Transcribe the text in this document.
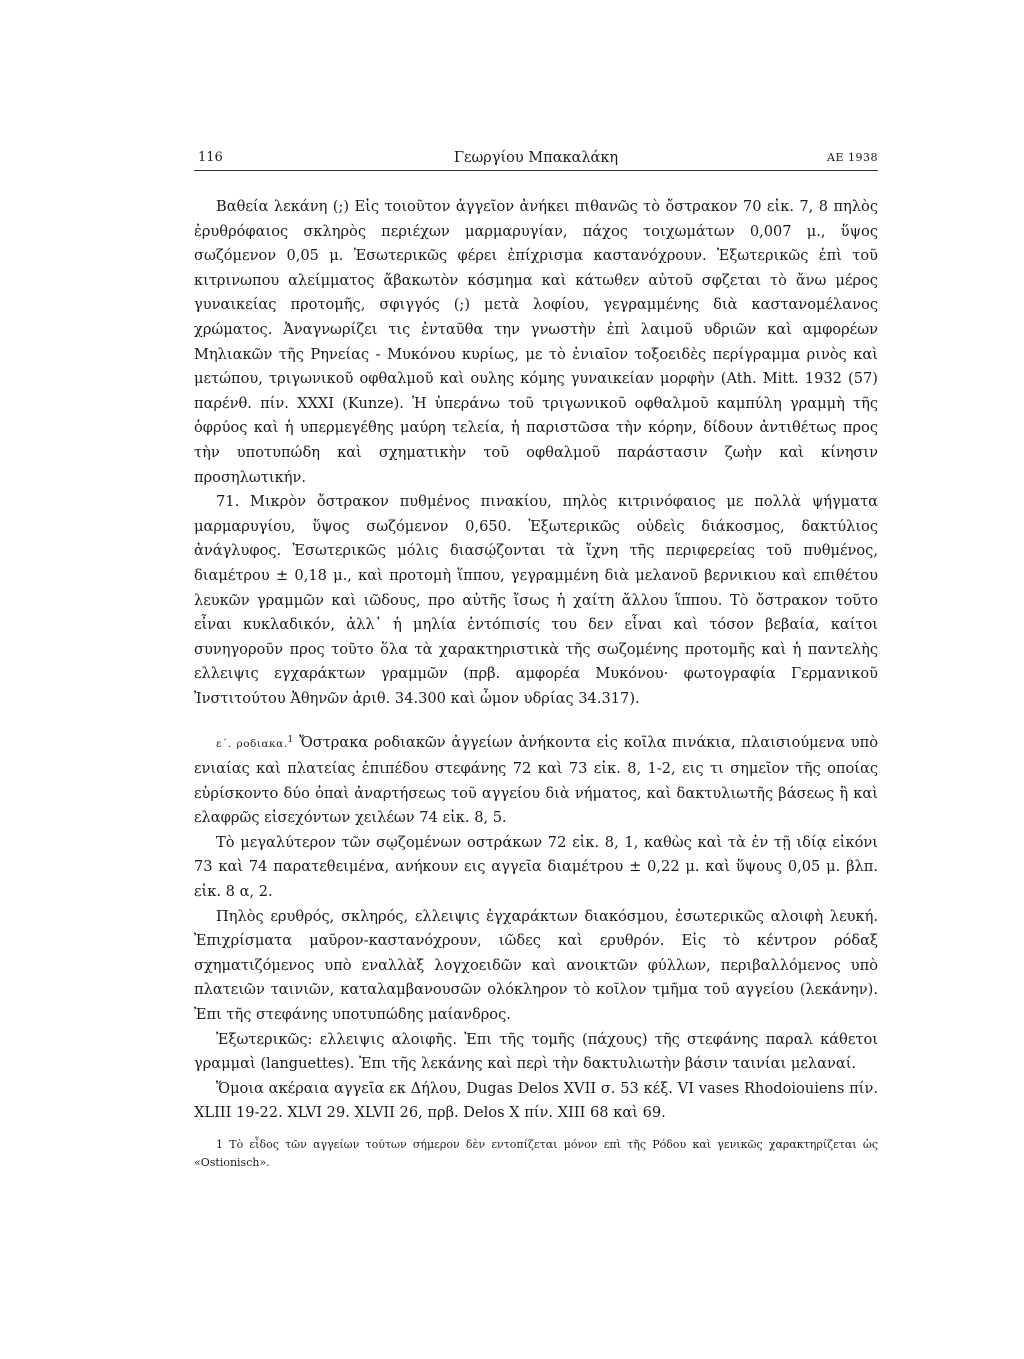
116	Γεωργίου Μπακαλάκη	ΑΕ 1938

Βαθεία λεκάνη (;) Εἰς τοιοῦτον ἀγγεῖον ἀνήκει πιθανῶς τὸ ὄστρακον 70 εἰκ. 7, 8 πηλὸς ἐρυθρόφαιος σκληρὸς περιέχων μαρμαρυγίαν, πάχος τοιχωμάτων 0,007 μ., ὕψος σωζόμενον 0,05 μ. Ἐσωτερικῶς φέρει ἐπίχρισμα καστανόχρουν. Ἐξωτερικῶς ἐπὶ τοῦ κιτρινωπου αλείμματος ἄβακωτὸν κόσμημα καὶ κάτωθεν αὐτοῦ σφζεται τὸ ἄνω μέρος γυναικείας προτομῆς, σφιγγός (;) μετὰ λοφίου, γεγραμμένης διὰ καστανομέλανος χρώματος. Ἀναγνωρίζει τις ἐνταῦθα την γνωστὴν ἐπὶ λαιμοῦ υδριῶν καὶ αμφορέων Μηλιακῶν τῆς Ρηνείας - Μυκόνου κυρίως, με τὸ ἐνιαῖον τοξοειδὲς περίγραμμα ρινὸς καὶ μετώπου, τριγωνικοῦ οφθαλμοῦ καὶ ουλης κόμης γυναικείαν μορφὴν (Ath. Mitt. 1932 (57) παρένθ. πίν. XXXI (Kunze). Ἡ ὑπεράνω τοῦ τριγωνικοῦ οφθαλμοῦ καμπύλη γραμμὴ τῆς ὀφρύος καὶ ἡ υπερμεγέθης μαύρη τελεία, ἡ παριστῶσα τὴν κόρην, δίδουν ἀντιθέτως προς τὴν υποτυπώδη καὶ σχηματικὴν τοῦ οφθαλμοῦ παράστασιν ζωὴν καὶ κίνησιν προσηλωτικήν.

71. Μικρὸν ὄστρακον πυθμένος πινακίου, πηλὸς κιτρινόφαιος με πολλὰ ψήγματα μαρμαρυγίου, ὕψος σωζόμενον 0,650. Ἐξωτερικῶς οὐδεὶς διάκοσμος, δακτύλιος ἀνάγλυφος. Ἐσωτερικῶς μόλις διασῴζονται τὰ ἴχνη τῆς περιφερείας τοῦ πυθμένος, διαμέτρου ± 0,18 μ., καὶ προτομὴ ἵππου, γεγραμμένη διὰ μελανοῦ βερνικιου καὶ επιθέτου λευκῶν γραμμῶν καὶ ιῶδους, προ αὐτῆς ἴσως ἡ χαίτη ἄλλου ἵππου. Τὸ ὄστρακον τοῦτο εἶναι κυκλαδικόν, ἀλλ᾽ ἡ μηλία ἐντόπισίς του δεν εἶναι καὶ τόσον βεβαία, καίτοι συνηγοροῦν προς τοῦτο ὅλα τὰ χαρακτηριστικὰ τῆς σωζομένης προτομῆς καὶ ἡ παντελὴς ελλειψις εγχαράκτων γραμμῶν (πρβ. αμφορέα Μυκόνου· φωτογραφία Γερμανικοῦ Ἰνστιτούτου Ἀθηνῶν ἀριθ. 34.300 καὶ ὦμον υδρίας 34.317).

ε΄. ροδιακα.$^1$ Ὄστρακα ροδιακῶν ἀγγείων ἀνήκοντα εἰς κοῖλα πινάκια, πλαισιούμενα υπὸ ενιαίας καὶ πλατείας ἐπιπέδου στεφάνης 72 καὶ 73 εἰκ. 8, 1-2, εις τι σημεῖον τῆς οποίας εὑρίσκοντο δύο ὀπαὶ ἀναρτήσεως τοῦ αγγείου διὰ νήματος, καὶ δακτυλιωτῆς βάσεως ἢ καὶ ελαφρῶς εἰσεχόντων χειλέων 74 εἰκ. 8, 5.

Τὸ μεγαλύτερον τῶν σῳζομένων οστράκων 72 εἰκ. 8, 1, καθὼς καὶ τὰ ἐν τῇ ιδίᾳ εἰκόνι 73 καὶ 74 παρατεθειμένα, ανήκουν εις αγγεῖα διαμέτρου ± 0,22 μ. καὶ ὕψους 0,05 μ. βλπ. εἰκ. 8 α, 2.

Πηλὸς ερυθρός, σκληρός, ελλειψις ἐγχαράκτων διακόσμου, ἐσωτερικῶς αλοιφὴ λευκή. Ἐπιχρίσματα μαῦρον-καστανόχρουν, ιῶδες καὶ ερυθρόν. Εἰς τὸ κέντρον ρόδαξ σχηματιζόμενος υπὸ εναλλὰξ λογχοειδῶν καὶ ανοικτῶν φύλλων, περιβαλλόμενος υπὸ πλατειῶν ταινιῶν, καταλαμβανουσῶν ολόκληρον τὸ κοῖλον τμῆμα τοῦ αγγείου (λεκάνην). Ἐπι τῆς στεφάνης υποτυπώδης μαίανδρος.

Ἐξωτερικῶς: ελλειψις αλοιφῆς. Ἐπι τῆς τομῆς (πάχους) τῆς στεφάνης παραλ κάθετοι γραμμαὶ (languettes). Ἐπι τῆς λεκάνης καὶ περὶ τὴν δακτυλιωτὴν βάσιν ταινίαι μελαναί.

Ὅμοια ακέραια αγγεῖα εκ Δήλου, Dugas Delos XVII σ. 53 κέξ. VI vases Rhodoiouiens πίν. XLIII 19-22. XLVI 29. XLVII 26, πρβ. Delos X πίν. XIII 68 καὶ 69.

1 Τὸ εἶδος τῶν αγγείων τούτων σήμερον δὲν εντοπίζεται μόνον επὶ τῆς Ρόδου καὶ γενικῶς χαρακτηρίζεται ὡς «Ostionisch».
